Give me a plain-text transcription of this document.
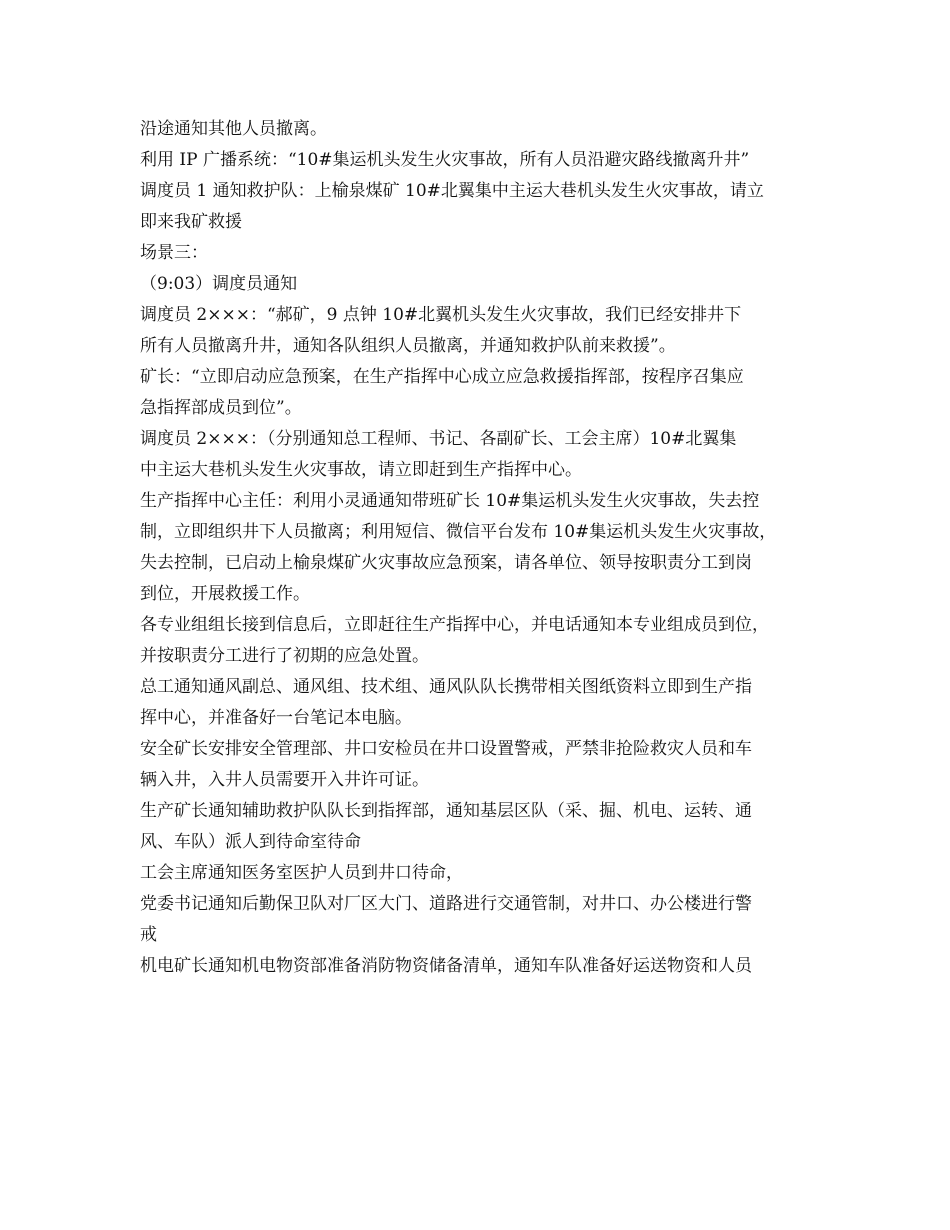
沿途通知其他人员撤离。
利用 IP 广播系统：“10#集运机头发生火灾事故，所有人员沿避灾路线撤离升井”
调度员 1 通知救护队：上榆泉煤矿 10#北翼集中主运大巷机头发生火灾事故，请立
即来我矿救援
场景三：
（9:03）调度员通知
调度员 2×××：“郝矿，9 点钟 10#北翼机头发生火灾事故，我们已经安排井下
所有人员撤离升井，通知各队组织人员撤离，并通知救护队前来救援”。
矿长：“立即启动应急预案，在生产指挥中心成立应急救援指挥部，按程序召集应
急指挥部成员到位”。
调度员 2×××：（分别通知总工程师、书记、各副矿长、工会主席）10#北翼集
中主运大巷机头发生火灾事故，请立即赶到生产指挥中心。
生产指挥中心主任：利用小灵通通知带班矿长 10#集运机头发生火灾事故，失去控
制，立即组织井下人员撤离；利用短信、微信平台发布 10#集运机头发生火灾事故，
失去控制，已启动上榆泉煤矿火灾事故应急预案，请各单位、领导按职责分工到岗
到位，开展救援工作。
各专业组组长接到信息后，立即赶往生产指挥中心，并电话通知本专业组成员到位，
并按职责分工进行了初期的应急处置。
总工通知通风副总、通风组、技术组、通风队队长携带相关图纸资料立即到生产指
挥中心，并准备好一台笔记本电脑。
安全矿长安排安全管理部、井口安检员在井口设置警戒，严禁非抢险救灾人员和车
辆入井，入井人员需要开入井许可证。
生产矿长通知辅助救护队队长到指挥部，通知基层区队（采、掘、机电、运转、通
风、车队）派人到待命室待命
工会主席通知医务室医护人员到井口待命，
党委书记通知后勤保卫队对厂区大门、道路进行交通管制，对井口、办公楼进行警
戒
机电矿长通知机电物资部准备消防物资储备清单，通知车队准备好运送物资和人员
